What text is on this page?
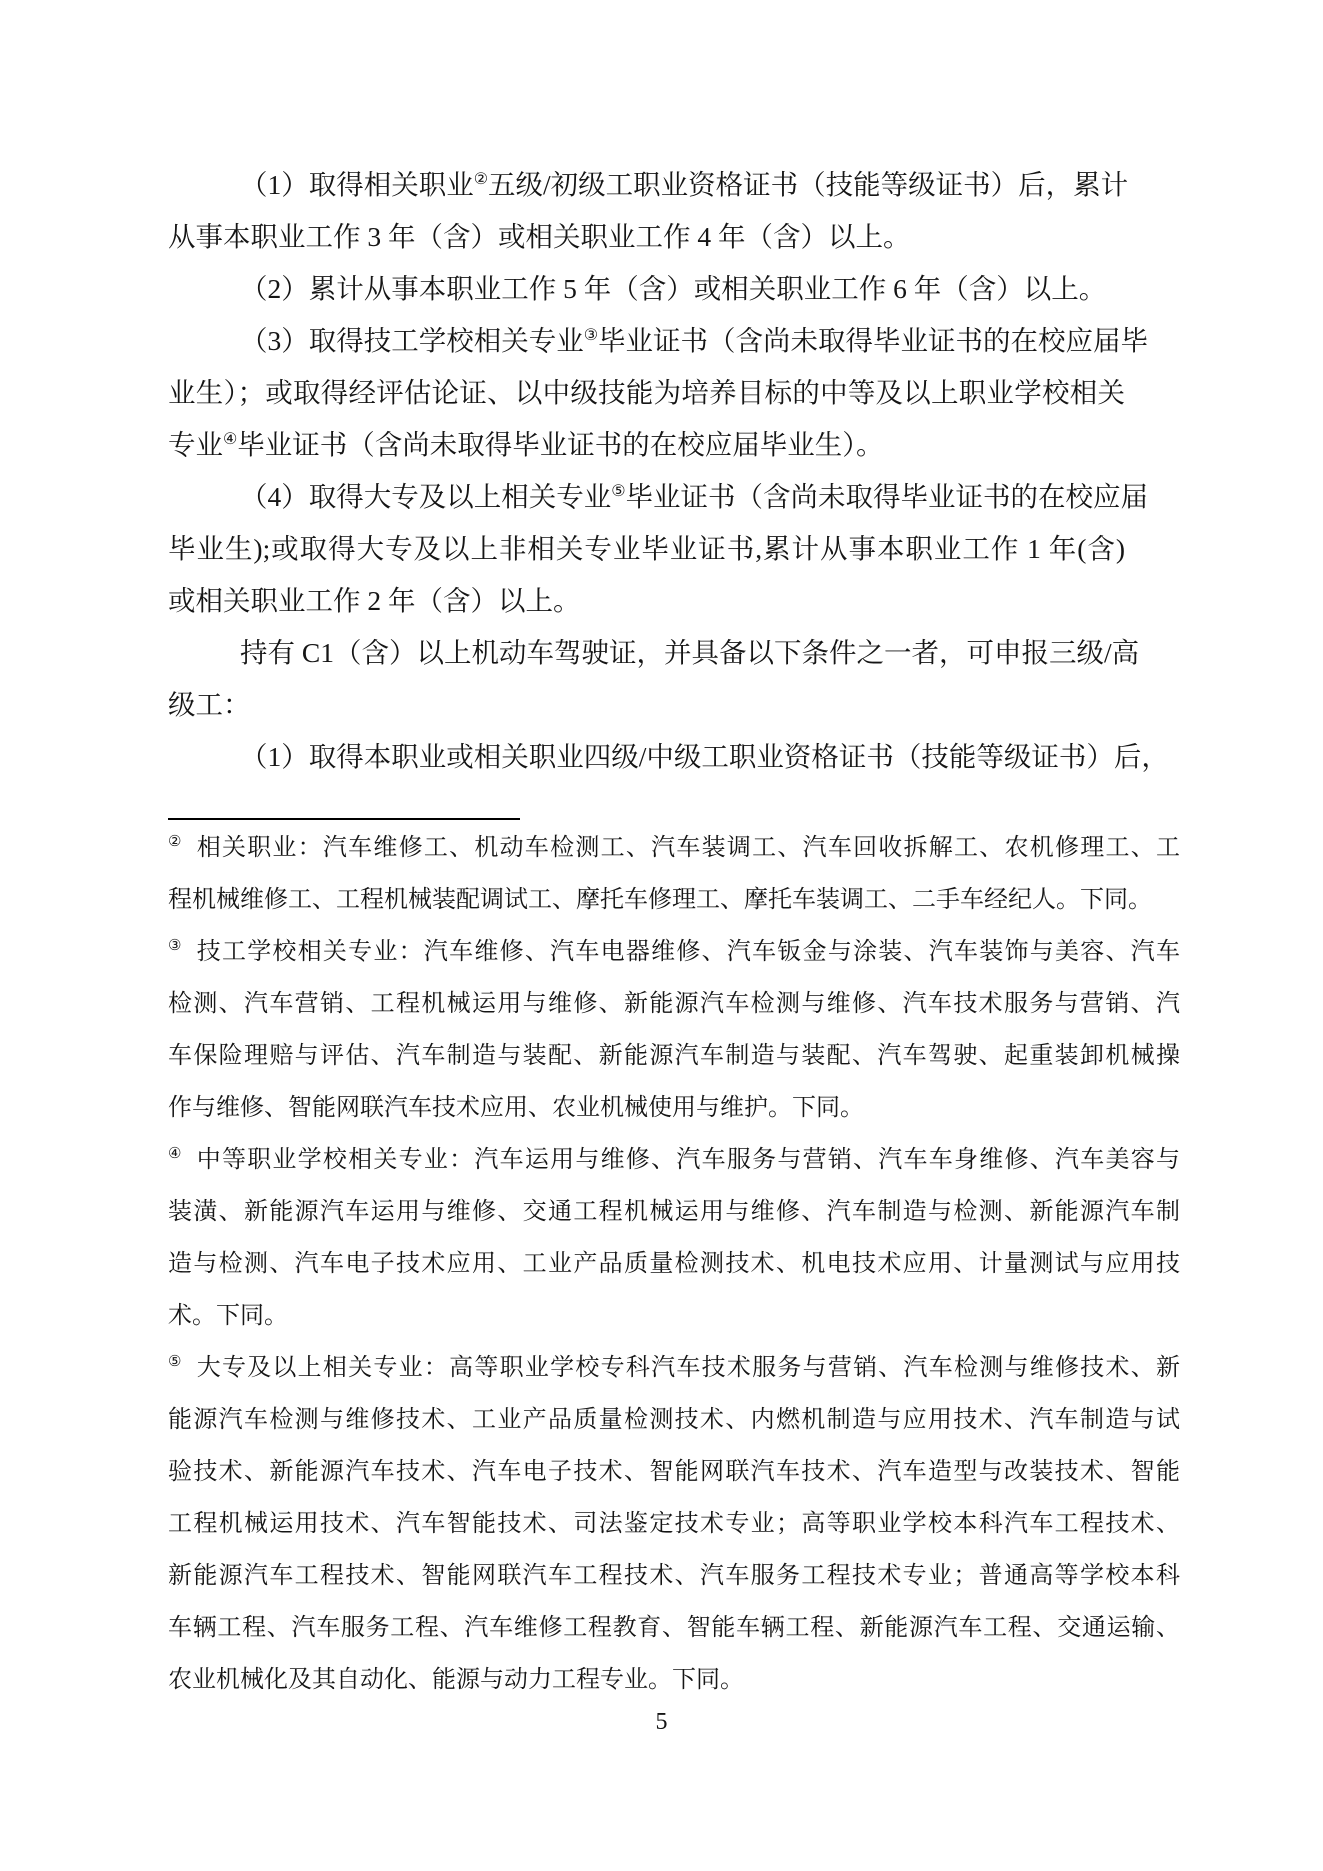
（1）取得相关职业②五级/初级工职业资格证书（技能等级证书）后，累计
从事本职业工作 3 年（含）或相关职业工作 4 年（含）以上。
（2）累计从事本职业工作 5 年（含）或相关职业工作 6 年（含）以上。
（3）取得技工学校相关专业③毕业证书（含尚未取得毕业证书的在校应届毕
业生）；或取得经评估论证、以中级技能为培养目标的中等及以上职业学校相关
专业④毕业证书（含尚未取得毕业证书的在校应届毕业生）。
（4）取得大专及以上相关专业⑤毕业证书（含尚未取得毕业证书的在校应届
毕业生);或取得大专及以上非相关专业毕业证书,累计从事本职业工作 1 年(含)
或相关职业工作 2 年（含）以上。
持有 C1（含）以上机动车驾驶证，并具备以下条件之一者，可申报三级/高
级工：
（1）取得本职业或相关职业四级/中级工职业资格证书（技能等级证书）后，
② 相关职业：汽车维修工、机动车检测工、汽车装调工、汽车回收拆解工、农机修理工、工
程机械维修工、工程机械装配调试工、摩托车修理工、摩托车装调工、二手车经纪人。下同。
③ 技工学校相关专业：汽车维修、汽车电器维修、汽车钣金与涂装、汽车装饰与美容、汽车
检测、汽车营销、工程机械运用与维修、新能源汽车检测与维修、汽车技术服务与营销、汽
车保险理赔与评估、汽车制造与装配、新能源汽车制造与装配、汽车驾驶、起重装卸机械操
作与维修、智能网联汽车技术应用、农业机械使用与维护。下同。
④ 中等职业学校相关专业：汽车运用与维修、汽车服务与营销、汽车车身维修、汽车美容与
装潢、新能源汽车运用与维修、交通工程机械运用与维修、汽车制造与检测、新能源汽车制
造与检测、汽车电子技术应用、工业产品质量检测技术、机电技术应用、计量测试与应用技
术。下同。
⑤ 大专及以上相关专业：高等职业学校专科汽车技术服务与营销、汽车检测与维修技术、新
能源汽车检测与维修技术、工业产品质量检测技术、内燃机制造与应用技术、汽车制造与试
验技术、新能源汽车技术、汽车电子技术、智能网联汽车技术、汽车造型与改装技术、智能
工程机械运用技术、汽车智能技术、司法鉴定技术专业；高等职业学校本科汽车工程技术、
新能源汽车工程技术、智能网联汽车工程技术、汽车服务工程技术专业；普通高等学校本科
车辆工程、汽车服务工程、汽车维修工程教育、智能车辆工程、新能源汽车工程、交通运输、
农业机械化及其自动化、能源与动力工程专业。下同。
5
